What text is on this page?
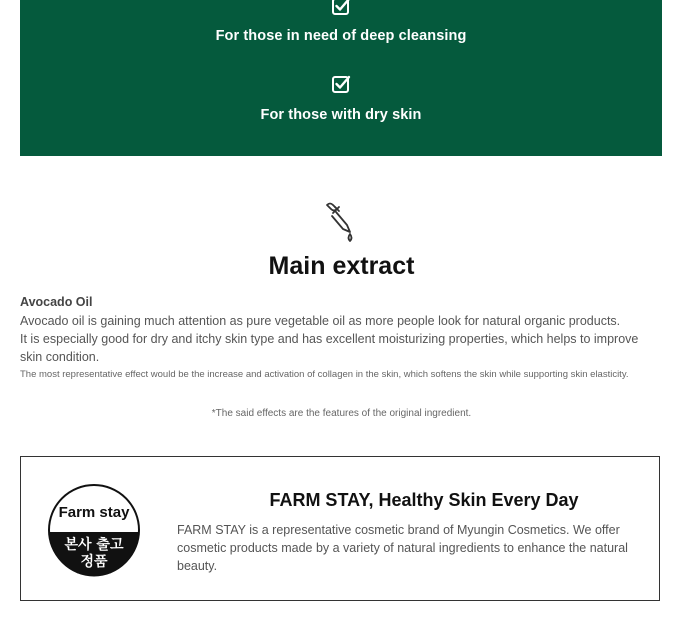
For those in need of deep cleansing
For those with dry skin
Main extract
Avocado Oil

Avocado oil is gaining much attention as pure vegetable oil as more people look for natural organic products.

It is especially good for dry and itchy skin type and has excellent moisturizing properties, which helps to improve skin condition.

The most representative effect would be the increase and activation of collagen in the skin, which softens the skin while supporting skin elasticity.
*The said effects are the features of the original ingredient.
Farm stay
본사 출고
정품
FARM STAY, Healthy Skin Every Day
FARM STAY is a representative cosmetic brand of Myungin Cosmetics. We offer cosmetic products made by a variety of natural ingredients to enhance the natural beauty.
